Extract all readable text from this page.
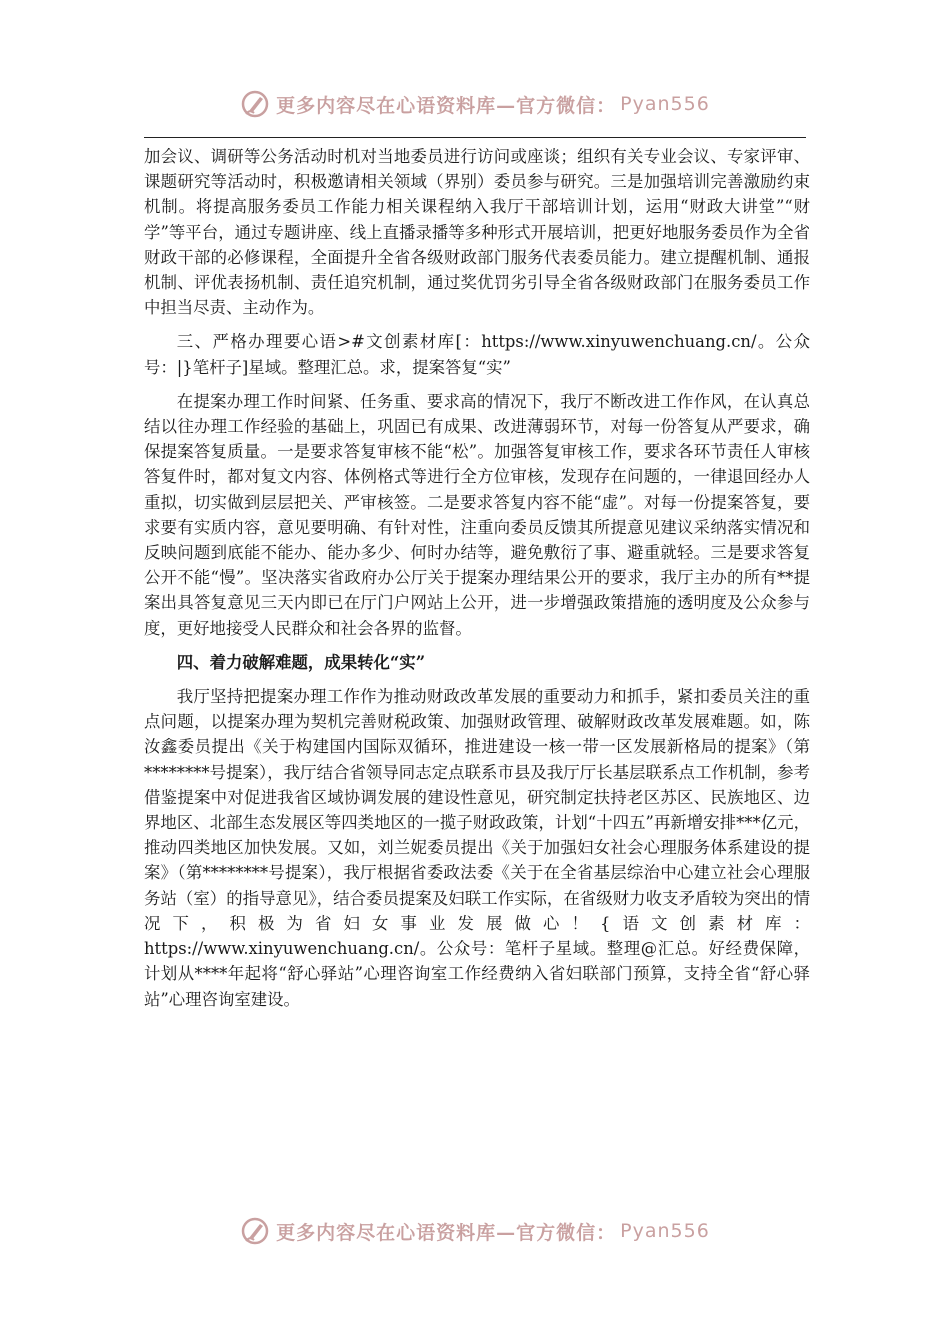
更多内容尽在心语资料库—官方微信： Pyan556

加会议、调研等公务活动时机对当地委员进行访问或座谈；组织有关专业会议、专家评审、课题研究等活动时，积极邀请相关领域（界别）委员参与研究。三是加强培训完善激励约束机制。将提高服务委员工作能力相关课程纳入我厅干部培训计划，运用“财政大讲堂”“财学”等平台，通过专题讲座、线上直播录播等多种形式开展培训，把更好地服务委员作为全省财政干部的必修课程，全面提升全省各级财政部门服务代表委员能力。建立提醒机制、通报机制、评优表扬机制、责任追究机制，通过奖优罚劣引导全省各级财政部门在服务委员工作中担当尽责、主动作为。

三、严格办理要心语>#文创素材库[：https://www.xinyuwenchuang.cn/。公众号：|}笔杆子]星域。整理汇总。求，提案答复“实”

在提案办理工作时间紧、任务重、要求高的情况下，我厅不断改进工作作风，在认真总结以往办理工作经验的基础上，巩固已有成果、改进薄弱环节，对每一份答复从严要求，确保提案答复质量。一是要求答复审核不能“松”。加强答复审核工作，要求各环节责任人审核答复件时，都对复文内容、体例格式等进行全方位审核，发现存在问题的，一律退回经办人重拟，切实做到层层把关、严审核签。二是要求答复内容不能“虚”。对每一份提案答复，要求要有实质内容，意见要明确、有针对性，注重向委员反馈其所提意见建议采纳落实情况和反映问题到底能不能办、能办多少、何时办结等，避免敷衍了事、避重就轻。三是要求答复公开不能“慢”。坚决落实省政府办公厅关于提案办理结果公开的要求，我厅主办的所有**提案出具答复意见三天内即已在厅门户网站上公开，进一步增强政策措施的透明度及公众参与度，更好地接受人民群众和社会各界的监督。

四、着力破解难题，成果转化“实”

我厅坚持把提案办理工作作为推动财政改革发展的重要动力和抓手，紧扣委员关注的重点问题，以提案办理为契机完善财税政策、加强财政管理、破解财政改革发展难题。如，陈汝鑫委员提出《关于构建国内国际双循环，推进建设一核一带一区发展新格局的提案》（第********号提案），我厅结合省领导同志定点联系市县及我厅厅长基层联系点工作机制，参考借鉴提案中对促进我省区域协调发展的建设性意见，研究制定扶持老区苏区、民族地区、边界地区、北部生态发展区等四类地区的一揽子财政政策，计划“十四五”再新增安排***亿元，推动四类地区加快发展。又如，刘兰妮委员提出《关于加强妇女社会心理服务体系建设的提案》（第********号提案），我厅根据省委政法委《关于在全省基层综治中心建立社会心理服务站（室）的指导意见》，结合委员提案及妇联工作实际，在省级财力收支矛盾较为突出的情况下，积极为省妇女事业发展做心！{语文创素材库：https://www.xinyuwenchuang.cn/。公众号：笔杆子星域。整理@汇总。好经费保障，计划从****年起将“舒心驿站”心理咨询室工作经费纳入省妇联部门预算，支持全省“舒心驿站”心理咨询室建设。

更多内容尽在心语资料库—官方微信： Pyan556
